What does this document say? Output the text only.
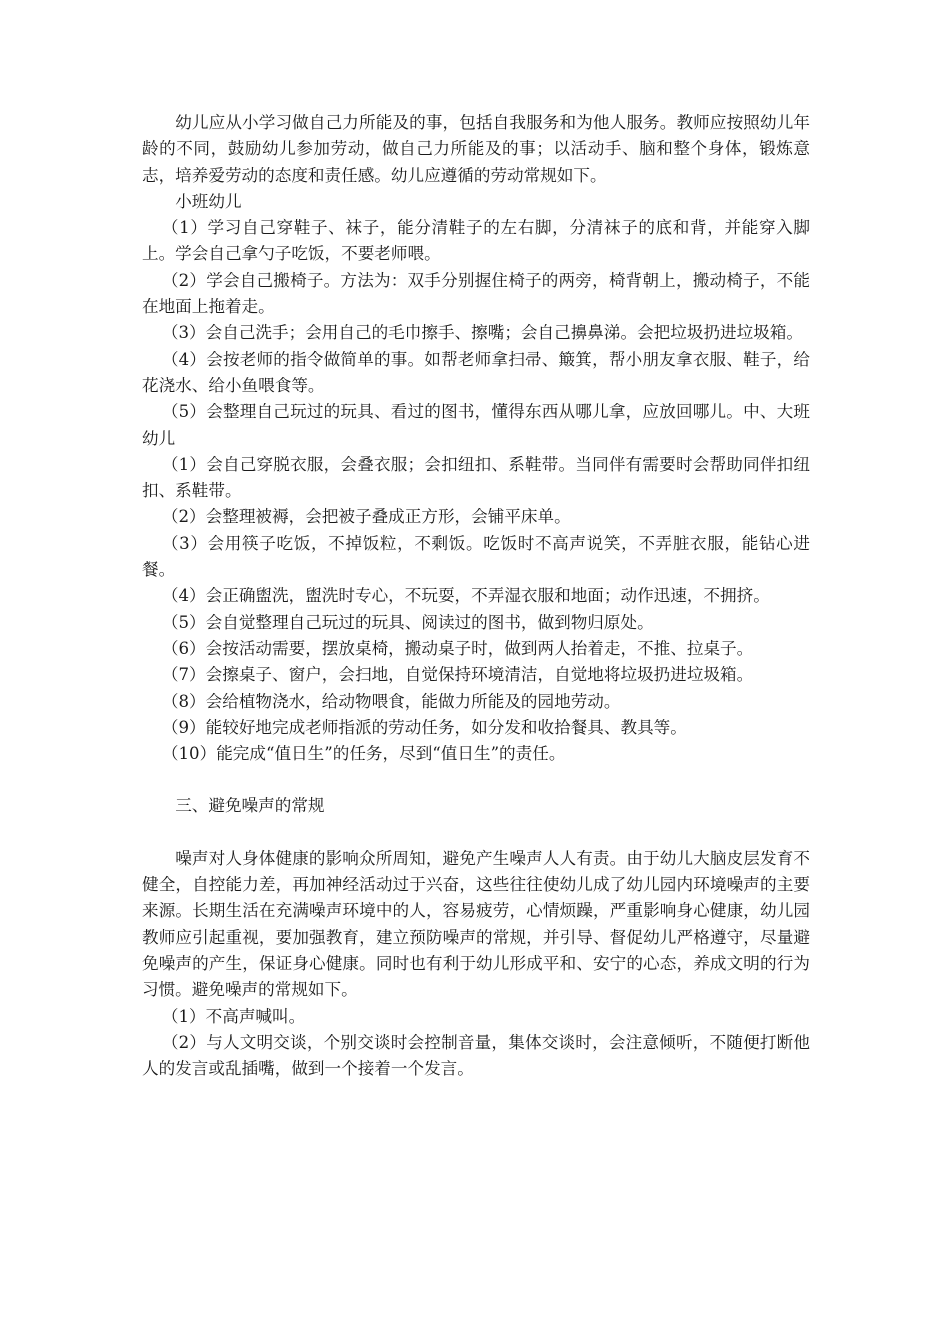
幼儿应从小学习做自己力所能及的事，包括自我服务和为他人服务。教师应按照幼儿年龄的不同，鼓励幼儿参加劳动，做自己力所能及的事；以活动手、脑和整个身体，锻炼意志，培养爱劳动的态度和责任感。幼儿应遵循的劳动常规如下。

小班幼儿

（1）学习自己穿鞋子、袜子，能分清鞋子的左右脚，分清袜子的底和背，并能穿入脚上。学会自己拿勺子吃饭，不要老师喂。

（2）学会自己搬椅子。方法为：双手分别握住椅子的两旁，椅背朝上，搬动椅子，不能在地面上拖着走。

（3）会自己洗手；会用自己的毛巾擦手、擦嘴；会自己擤鼻涕。会把垃圾扔进垃圾箱。

（4）会按老师的指令做简单的事。如帮老师拿扫帚、簸箕，帮小朋友拿衣服、鞋子，给花浇水、给小鱼喂食等。

（5）会整理自己玩过的玩具、看过的图书，懂得东西从哪儿拿，应放回哪儿。中、大班幼儿

（1）会自己穿脱衣服，会叠衣服；会扣纽扣、系鞋带。当同伴有需要时会帮助同伴扣纽扣、系鞋带。

（2）会整理被褥，会把被子叠成正方形，会铺平床单。

（3）会用筷子吃饭，不掉饭粒，不剩饭。吃饭时不高声说笑，不弄脏衣服，能钻心进餐。

（4）会正确盥洗，盥洗时专心，不玩耍，不弄湿衣服和地面；动作迅速，不拥挤。

（5）会自觉整理自己玩过的玩具、阅读过的图书，做到物归原处。

（6）会按活动需要，摆放桌椅，搬动桌子时，做到两人抬着走，不推、拉桌子。

（7）会擦桌子、窗户，会扫地，自觉保持环境清洁，自觉地将垃圾扔进垃圾箱。

（8）会给植物浇水，给动物喂食，能做力所能及的园地劳动。

（9）能较好地完成老师指派的劳动任务，如分发和收拾餐具、教具等。

（10）能完成“值日生”的任务，尽到“值日生”的责任。

三、避免噪声的常规

噪声对人身体健康的影响众所周知，避免产生噪声人人有责。由于幼儿大脑皮层发育不健全，自控能力差，再加神经活动过于兴奋，这些往往使幼儿成了幼儿园内环境噪声的主要来源。长期生活在充满噪声环境中的人，容易疲劳，心情烦躁，严重影响身心健康，幼儿园教师应引起重视，要加强教育，建立预防噪声的常规，并引导、督促幼儿严格遵守，尽量避免噪声的产生，保证身心健康。同时也有利于幼儿形成平和、安宁的心态，养成文明的行为习惯。避免噪声的常规如下。

（1）不高声喊叫。

（2）与人文明交谈，个别交谈时会控制音量，集体交谈时，会注意倾听，不随便打断他人的发言或乱插嘴，做到一个接着一个发言。
